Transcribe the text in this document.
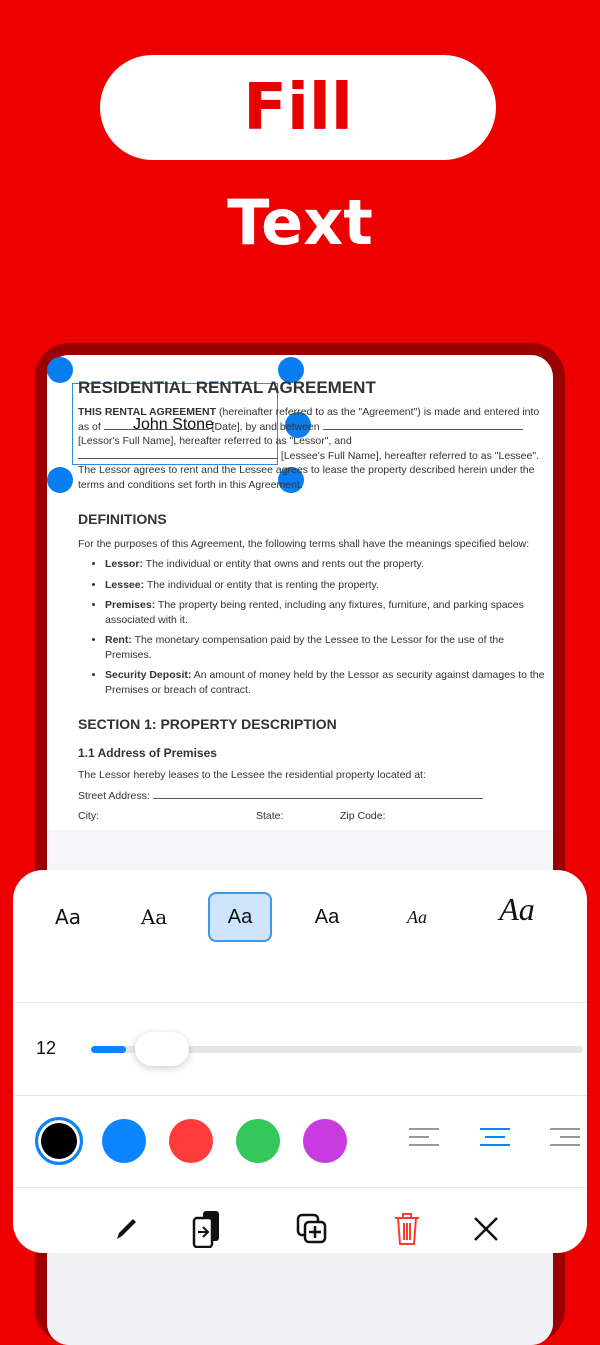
Fill
Text
RESIDENTIAL RENTAL AGREEMENT

THIS RENTAL AGREEMENT (hereinafter referred to as the "Agreement") is made and entered into as of	[Date], by and between  [Lessor's Full Name], hereafter referred to as "Lessor", and  [Lessee's Full Name], hereafter referred to as "Lessee". The Lessor agrees to rent and the Lessee agrees to lease the property described herein under the terms and conditions set forth in this Agreement.

DEFINITIONS

For the purposes of this Agreement, the following terms shall have the meanings specified below:

• Lessor: The individual or entity that owns and rents out the property.
• Lessee: The individual or entity that is renting the property.
• Premises: The property being rented, including any fixtures, furniture, and parking spaces associated with it.
• Rent: The monetary compensation paid by the Lessee to the Lessor for the use of the Premises.
• Security Deposit: An amount of money held by the Lessor as security against damages to the Premises or breach of contract.
SECTION 1: PROPERTY DESCRIPTION
1.1 Address of Premises

The Lessor hereby leases to the Lessee the residential property located at:

Street Address:

City:	State:	Zip Code:

John Stone
Aa	Aa	Aa	Aa	Aa	Aa
12
